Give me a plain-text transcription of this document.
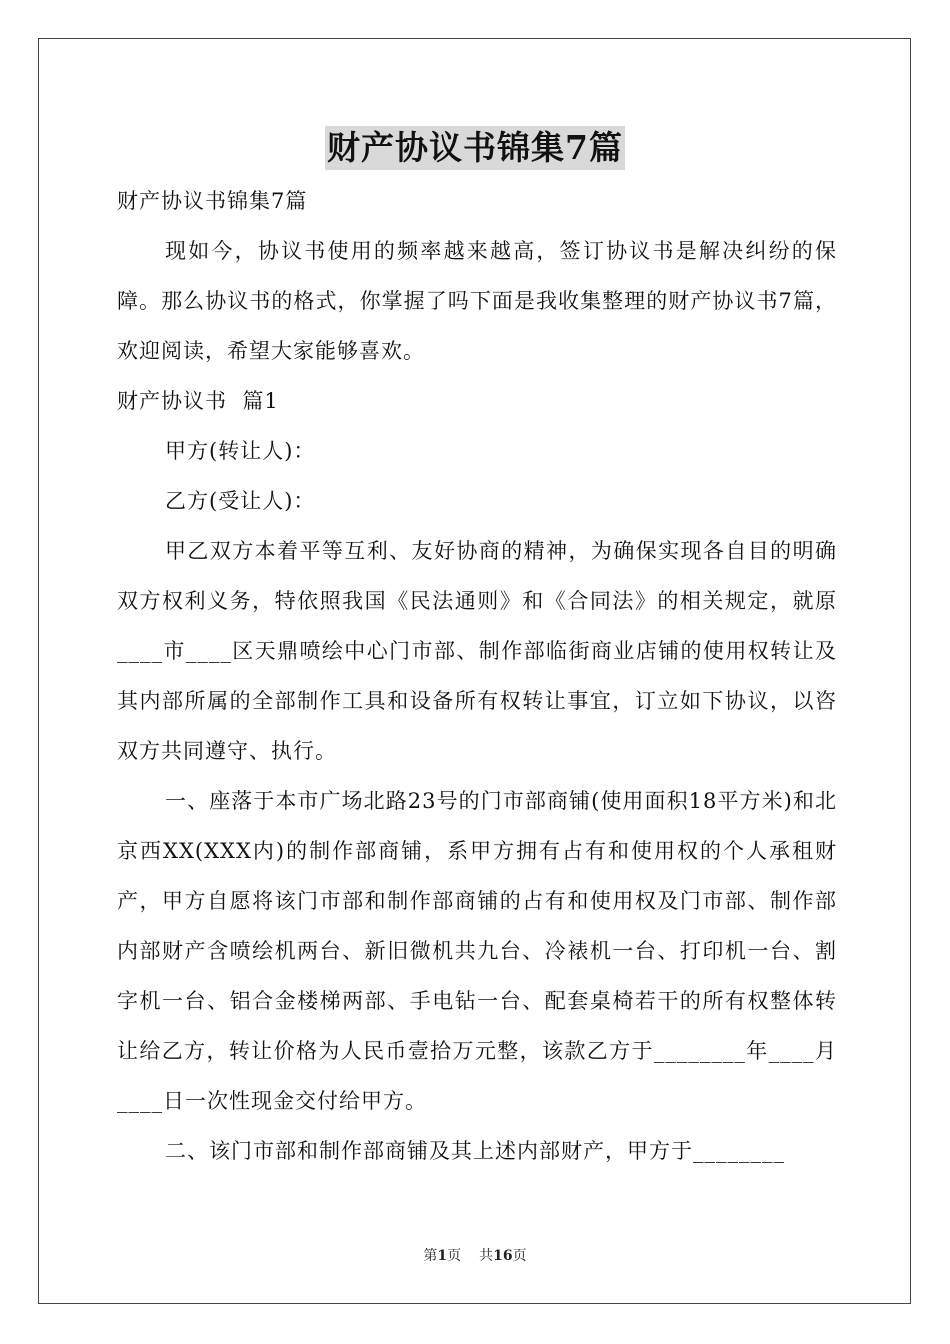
财产协议书锦集7篇

财产协议书锦集7篇

现如今，协议书使用的频率越来越高，签订协议书是解决纠纷的保障。那么协议书的格式，你掌握了吗下面是我收集整理的财产协议书7篇，欢迎阅读，希望大家能够喜欢。

财产协议书  篇1

甲方(转让人)：

乙方(受让人)：

甲乙双方本着平等互利、友好协商的精神，为确保实现各自目的明确双方权利义务，特依照我国《民法通则》和《合同法》的相关规定，就原____市____区天鼎喷绘中心门市部、制作部临街商业店铺的使用权转让及其内部所属的全部制作工具和设备所有权转让事宜，订立如下协议，以咨双方共同遵守、执行。

一、座落于本市广场北路23号的门市部商铺(使用面积18平方米)和北京西XX(XXX内)的制作部商铺，系甲方拥有占有和使用权的个人承租财产，甲方自愿将该门市部和制作部商铺的占有和使用权及门市部、制作部内部财产含喷绘机两台、新旧微机共九台、冷裱机一台、打印机一台、割字机一台、铝合金楼梯两部、手电钻一台、配套桌椅若干的所有权整体转让给乙方，转让价格为人民币壹拾万元整，该款乙方于________年____月____日一次性现金交付给甲方。

二、该门市部和制作部商铺及其上述内部财产，甲方于________

第1页 共16页
